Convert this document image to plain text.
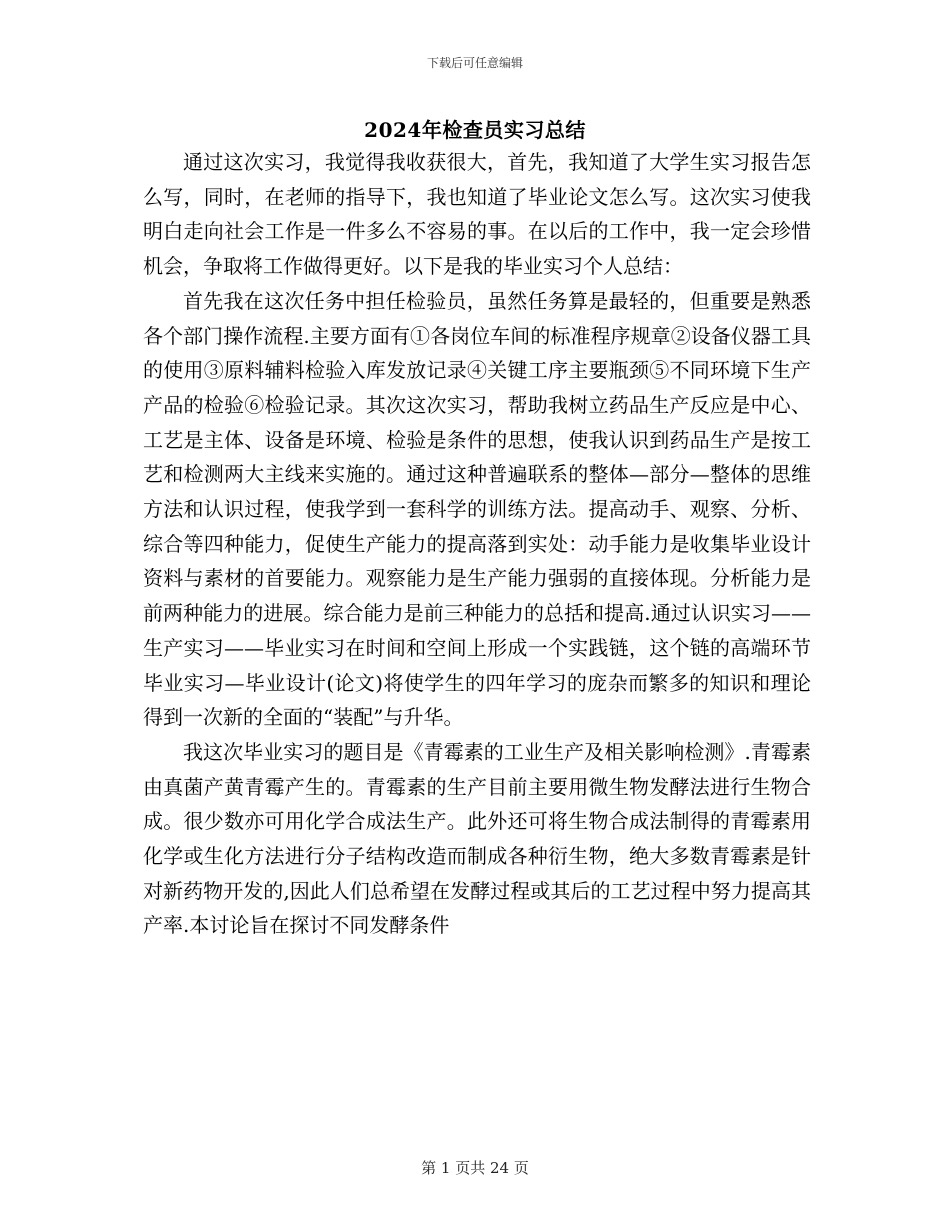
下载后可任意编辑
2024年检查员实习总结

通过这次实习，我觉得我收获很大，首先，我知道了大学生实习报告怎么写，同时，在老师的指导下，我也知道了毕业论文怎么写。这次实习使我明白走向社会工作是一件多么不容易的事。在以后的工作中，我一定会珍惜机会，争取将工作做得更好。以下是我的毕业实习个人总结：

首先我在这次任务中担任检验员，虽然任务算是最轻的，但重要是熟悉各个部门操作流程.主要方面有①各岗位车间的标准程序规章②设备仪器工具的使用③原料辅料检验入库发放记录④关键工序主要瓶颈⑤不同环境下生产产品的检验⑥检验记录。其次这次实习，帮助我树立药品生产反应是中心、工艺是主体、设备是环境、检验是条件的思想，使我认识到药品生产是按工艺和检测两大主线来实施的。通过这种普遍联系的整体—部分—整体的思维方法和认识过程，使我学到一套科学的训练方法。提高动手、观察、分析、综合等四种能力，促使生产能力的提高落到实处：动手能力是收集毕业设计资料与素材的首要能力。观察能力是生产能力强弱的直接体现。分析能力是前两种能力的进展。综合能力是前三种能力的总括和提高.通过认识实习——生产实习——毕业实习在时间和空间上形成一个实践链，这个链的高端环节毕业实习—毕业设计(论文)将使学生的四年学习的庞杂而繁多的知识和理论得到一次新的全面的“装配”与升华。

我这次毕业实习的题目是《青霉素的工业生产及相关影响检测》.青霉素由真菌产黄青霉产生的。青霉素的生产目前主要用微生物发酵法进行生物合成。很少数亦可用化学合成法生产。此外还可将生物合成法制得的青霉素用化学或生化方法进行分子结构改造而制成各种衍生物，绝大多数青霉素是针对新药物开发的,因此人们总希望在发酵过程或其后的工艺过程中努力提高其产率.本讨论旨在探讨不同发酵条件

第 1 页共 24 页
